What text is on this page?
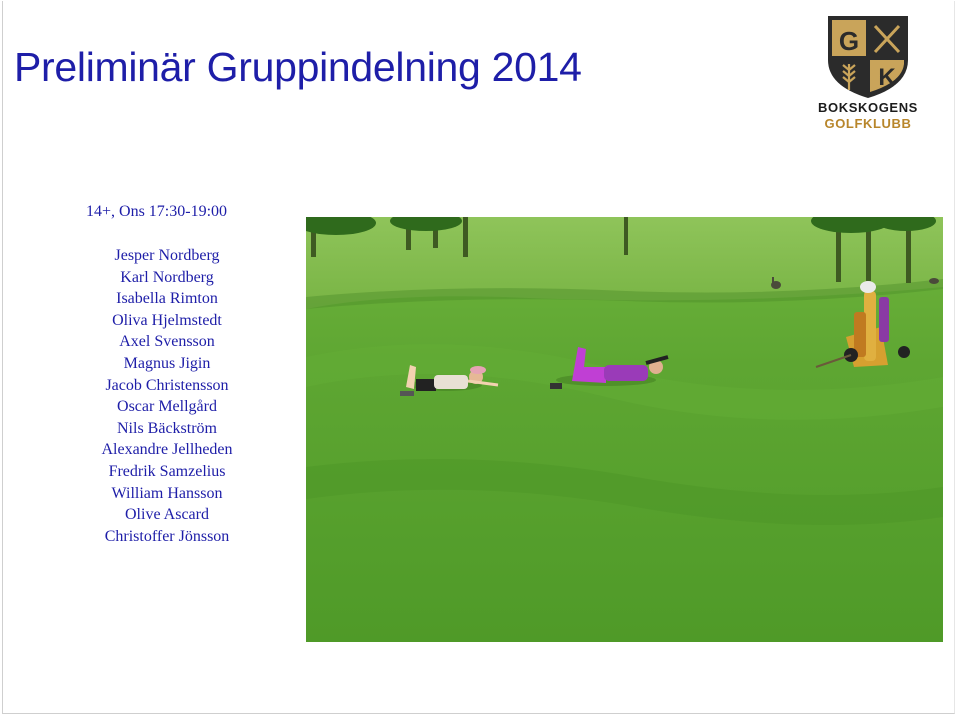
Preliminär Gruppindelning 2014
G
K
BOKSKOGENS
GOLFKLUBB
14+, Ons 17:30-19:00
Jesper Nordberg
Karl Nordberg
Isabella Rimton
Oliva Hjelmstedt
Axel Svensson
Magnus Jigin
Jacob Christensson
Oscar Mellgård
Nils Bäckström
Alexandre Jellheden
Fredrik Samzelius
William Hansson
Olive Ascard
Christoffer Jönsson
